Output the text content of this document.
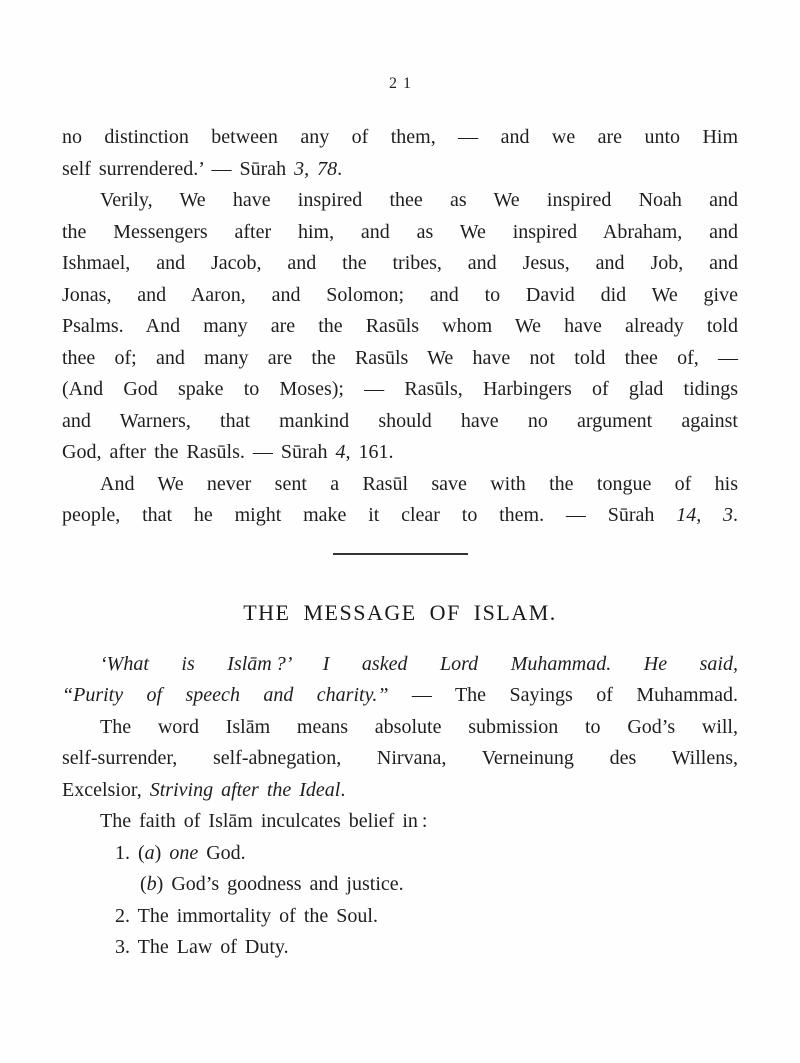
21
no distinction between any of them, — and we are unto Him
self surrendered.’ — Sūrah 3, 78.
Verily, We have inspired thee as We inspired Noah and
the Messengers after him, and as We inspired Abraham, and
Ishmael, and Jacob, and the tribes, and Jesus, and Job, and
Jonas, and Aaron, and Solomon; and to David did We give
Psalms. And many are the Rasūls whom We have already told
thee of; and many are the Rasūls We have not told thee of, —
(And God spake to Moses); — Rasūls, Harbingers of glad tidings
and Warners, that mankind should have no argument against
God, after the Rasūls. — Sūrah 4, 161.
And We never sent a Rasūl save with the tongue of his
people, that he might make it clear to them. — Sūrah 14, 3.
THE MESSAGE OF ISLAM.
‘What is Islām ?’ I asked Lord Muhammad. He said,
“Purity of speech and charity.” — The Sayings of Muhammad.
The word Islām means absolute submission to God’s will,
self-surrender, self-abnegation, Nirvana, Verneinung des Willens,
Excelsior, Striving after the Ideal.
The faith of Islām inculcates belief in :
1. (a) one God.
(b) God’s goodness and justice.
2. The immortality of the Soul.
3. The Law of Duty.
